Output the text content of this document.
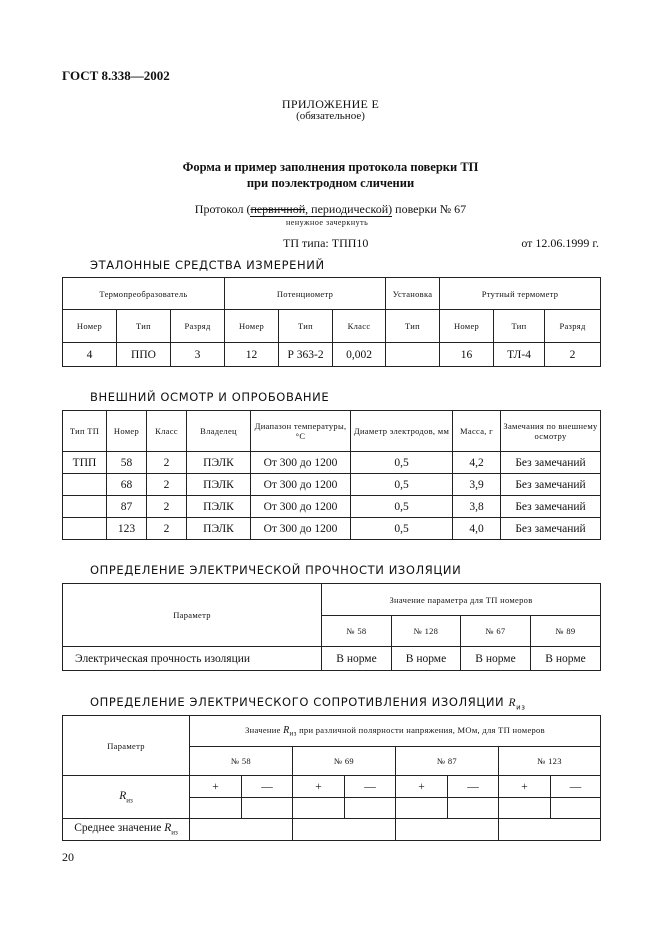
ГОСТ 8.338—2002
ПРИЛОЖЕНИЕ Е
(обязательное)
Форма и пример заполнения протокола поверки ТП
при поэлектродном сличении
Протокол (первичной, периодической) поверки № 67
ненужное зачеркнуть
ТП типа: ТПП10	от 12.06.1999 г.
ЭТАЛОННЫЕ СРЕДСТВА ИЗМЕРЕНИЙ
Термопреобразователь			Потенциометр			Установка	Ртутный термометр		
Номер	Тип	Разряд	Номер	Тип	Класс	Тип	Номер	Тип	Разряд
4	ППО	3	12	Р 363-2	0,002		16	ТЛ-4	2
ВНЕШНИЙ ОСМОТР И ОПРОБОВАНИЕ
Тип ТП	Номер	Класс	Владелец	Диапазон температуры, °С	Диаметр электродов, мм	Масса, г	Замечания по внешнему осмотру
ТПП	58	2	ПЭЛК	От 300 до 1200	0,5	4,2	Без замечаний
	68	2	ПЭЛК	От 300 до 1200	0,5	3,9	Без замечаний
	87	2	ПЭЛК	От 300 до 1200	0,5	3,8	Без замечаний
	123	2	ПЭЛК	От 300 до 1200	0,5	4,0	Без замечаний
ОПРЕДЕЛЕНИЕ ЭЛЕКТРИЧЕСКОЙ ПРОЧНОСТИ ИЗОЛЯЦИИ
Параметр	Значение параметра для ТП номеров			
	№ 58	№ 128	№ 67	№ 89
Электрическая прочность изоляции	В норме	В норме	В норме	В норме
ОПРЕДЕЛЕНИЕ ЭЛЕКТРИЧЕСКОГО СОПРОТИВЛЕНИЯ ИЗОЛЯЦИИ $R_{из}$
Параметр	Значение $R_{из}$ при различной полярности напряжения, МОм, для ТП номеров							
	№ 58		№ 69		№ 87		№ 123	
$R_{из}$	+	—	+	—	+	—	+	—

Среднее значение $R_{из}$				
20
